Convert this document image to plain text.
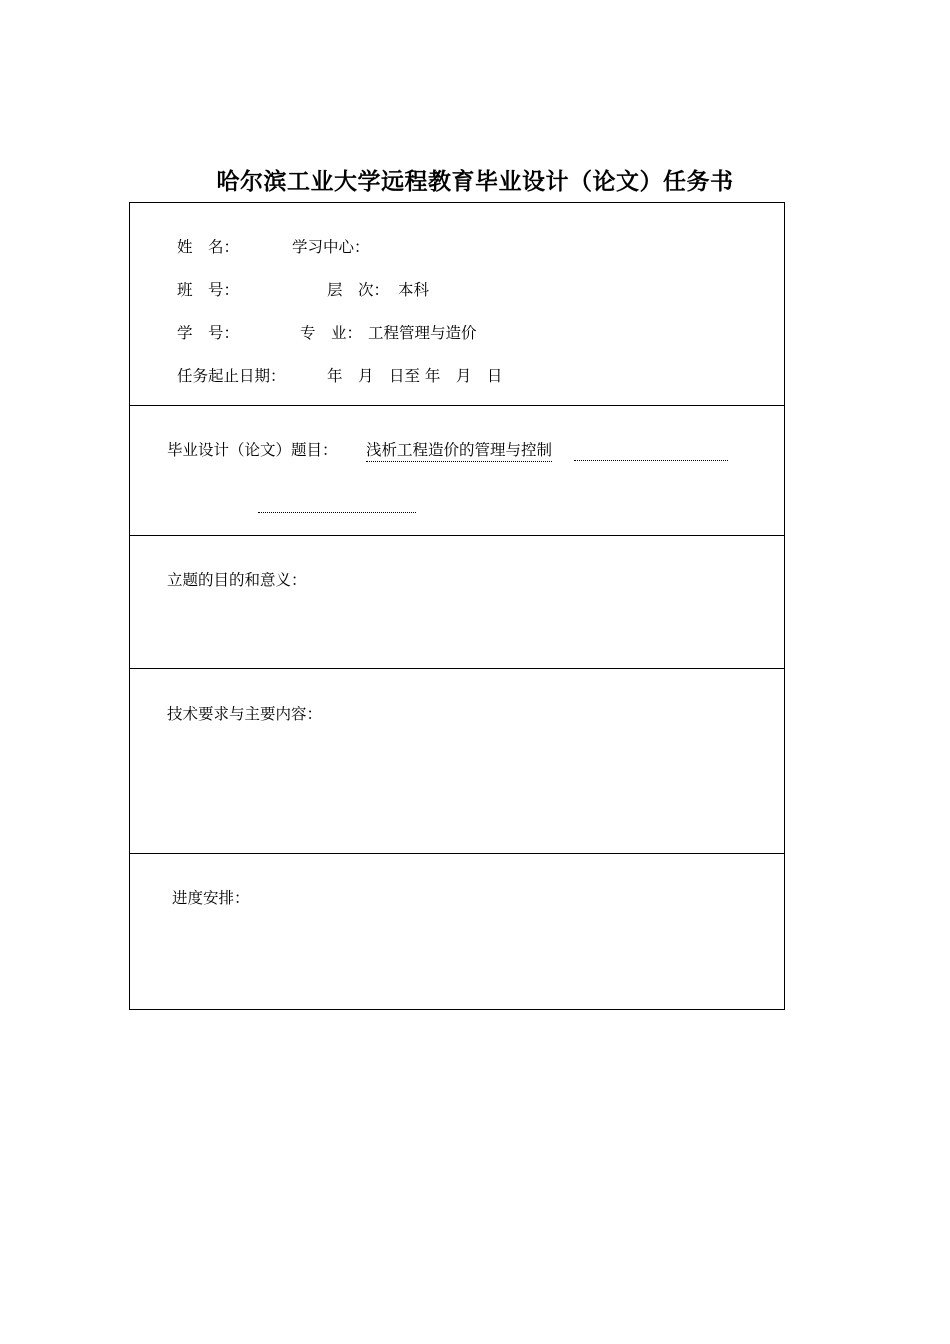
哈尔滨工业大学远程教育毕业设计（论文）任务书
姓　名：	学习中心：
班　号：	层　次： 本科
学　号：	专　业： 工程管理与造价
任务起止日期：	年　月　日至 年　月　日
毕业设计（论文）题目： 浅析工程造价的管理与控制
立题的目的和意义：
技术要求与主要内容：
进度安排：
